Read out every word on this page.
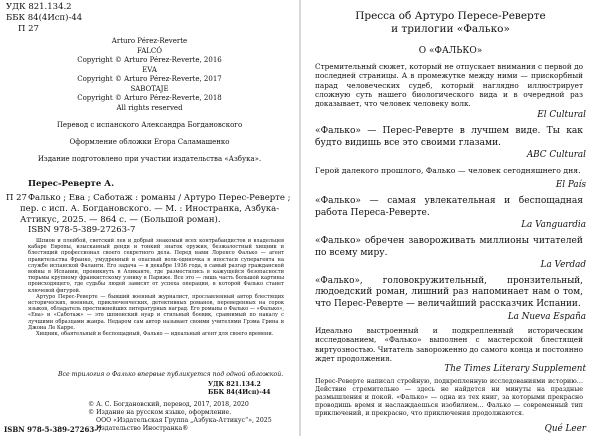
УДК 821.134.2
ББК 84(4Исп)-44
П 27
Arturo Pérez-Reverte
FALCÓ
Copyright © Arturo Pérez-Reverte, 2016
EVA
Copyright © Arturo Pérez-Reverte, 2017
SABOTAJE
Copyright © Arturo Pérez-Reverte, 2018
All rights reserved
Перевод с испанского Александра Богдановского
Оформление обложки Егора Саламашенко
Издание подготовлено при участии издательства «Азбука».
Перес-Реверте А.
П 27 Фалько ; Ева ; Саботаж : романы / Артуро Перес-Реверте ;
пер. с исп. А. Богдановского. — М. : Иностранка, Азбука-Аттикус, 2025. — 864 с. — (Большой роман).
ISBN 978-5-389-27263-7

Шпион и плейбой, светский лев и добрый знакомый всех контрабандистов и владельцев кабаре Европы, изысканный денди и тонкий знаток оружия, безжалостный хищник и блестящий профессионал своего секретного дела. Перед нами Лоренсо Фалько — агент правительства Франко, умудренный и опасный волк-одиночка в ипостаси суперагента на службе испанской Фаланги. Его задача — в декабре 1936 года, в самый разгар гражданской войны в Испании, проникнуть в Аликанте, где разместились в кажущейся безопасности тюрьмы крупному франкистскому узнику в Париже. Все это — лишь часть большой картины происходящего, где судьбы людей зависят от успеха операции, в которой Фалько станет ключевой фигурой.

Артуро Перес-Реверте — бывший военный журналист, прославленный автор блестящих исторических, военных, приключенческих, детективных романов, переведенных на сорок языков, обладатель престижнейших литературных наград. Его романы о Фалько — «Фалько», «Ева» и «Саботаж» — это шпионский нуар и стильный боевик, сравнимый по накалу с лучшими образцами жанра. Недаром сам автор называет своими учителями Грэма Грина и Джона Ле Карре.

Хищник, обаятельный и беспощадный, Фалько — идеальный агент для своего времени.

Все трилогия о Фалько впервые публикуется под одной обложкой.
УДК 821.134.2
ББК 84(4Исп)-44
© А. С. Богдановский, перевод, 2017, 2018, 2020
© Издание на русском языке, оформление.
ООО «Издательская Группа „Азбука-Аттикус“», 2025
Издательство Иностранка®
ISBN 978-5-389-27263-7
Пресса об Артуро Пересе-Реверте
и трилогии «Фалько»
О «ФАЛЬКО»
Стремительный сюжет, который не отпускает внимания с первой до последней страницы. А в промежутке между ними — прискорбный парад человеческих судеб, который наглядно иллюстрирует сложную суть нашего биологического вида и в очередной раз доказывает, что человек человеку волк.
El Cultural
«Фалько» — Перес-Реверте в лучшем виде. Ты как будто видишь все это своими глазами.
ABC Cultural
Герой далекого прошлого, Фалько — человек сегодняшнего дня.
El País
«Фалько» — самая увлекательная и беспощадная работа Переса-Реверте.
La Vanguardia
«Фалько» обречен завороживать миллионы читателей по всему миру.
La Verdad
«Фалько», головокружительный, пронзительный, людоедский роман, лишний раз напоминает нам о том, что Перес-Реверте — величайший рассказчик Испании.
La Nueva España
Идеально выстроенный и подкрепленный историческим исследованием, «Фалько» выполнен с мастерской блестящей виртуозностью. Читатель завороженно до самого конца и постоянно ждет продолжения.
The Times Literary Supplement
Перес-Реверте написал стройную, подкрепленную исследованиями историю… Действие стремительно — здесь не найдется ни минуты на праздные размышления и покой. «Фалько» — одна из тех книг, за которыми прекрасно проводишь время и наслаждаешься изобилием… Фалько — современный тип приключений, и прекрасно, что приключения продолжаются.
Qué Leer
